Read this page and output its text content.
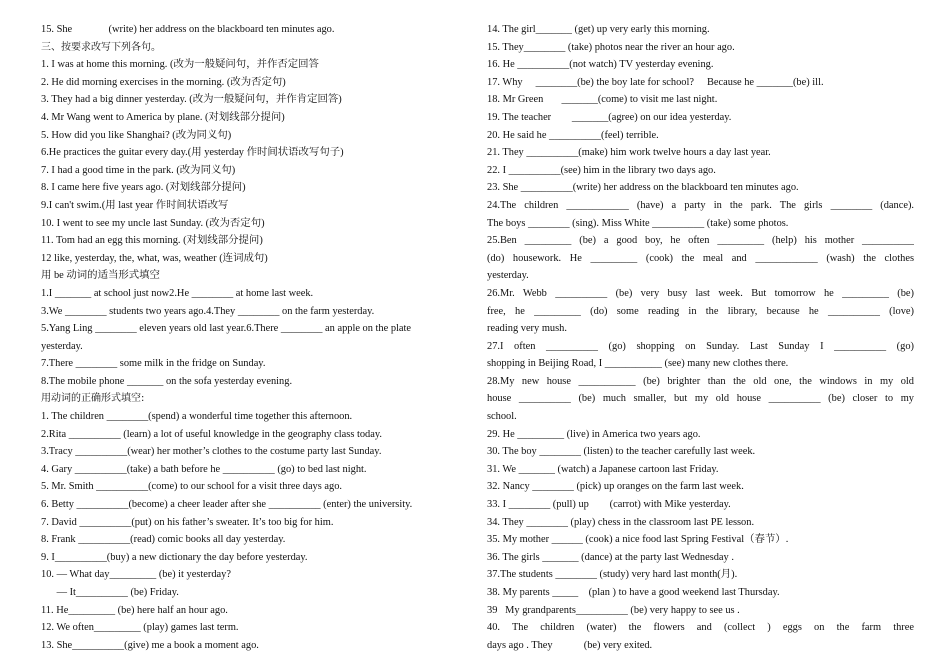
15. She              (write) her address on the blackboard ten minutes ago.
三、按要求改写下列各句。
1. I was at home this morning. (改为一般疑问句，并作否定回答
2. He did morning exercises in the morning. (改为否定句)
3. They had a big dinner yesterday. (改为一般疑问句，并作肯定回答)
4. Mr Wang went to America by plane. (对划线部分提问)
5. How did you like Shanghai? (改为同义句)
6.He practices the guitar every day.(用 yesterday 作时间状语改写句子)
7. I had a good time in the park. (改为同义句)
8. I came here five years ago. (对划线部分提问)
9.I can't swim.(用 last year 作时间状语改写
10. I went to see my uncle last Sunday. (改为否定句)
11. Tom had an egg this morning. (对划线部分提问)
12 like, yesterday, the, what, was, weather (连词成句)
用 be 动词的适当形式填空
1.I _______ at school just now2.He ________ at home last week.
3.We ________ students two years ago.4.They ________ on the farm yesterday.
5.Yang Ling ________ eleven years old last year.6.There ________ an apple on the plate
yesterday.
7.There ________ some milk in the fridge on Sunday.
8.The mobile phone _______ on the sofa yesterday evening.
用动词的正确形式填空:
1. The children ________(spend) a wonderful time together this afternoon.
2.Rita __________ (learn) a lot of useful knowledge in the geography class today.
3.Tracy __________(wear) her mother’s clothes to the costume party last Sunday.
4. Gary __________(take) a bath before he __________ (go) to bed last night.
5. Mr. Smith __________(come) to our school for a visit three days ago.
6. Betty __________(become) a cheer leader after she __________ (enter) the university.
7. David __________(put) on his father’s sweater. It’s too big for him.
8. Frank __________(read) comic books all day yesterday.
9. I__________(buy) a new dictionary the day before yesterday.
10. — What day_________ (be) it yesterday?
— It__________ (be) Friday.
11. He_________ (be) here half an hour ago.
12. We often_________ (play) games last term.
13. She__________(give) me a book a moment ago.
14. The girl_______ (get) up very early this morning.
15. They________ (take) photos near the river an hour ago.
16. He __________(not watch) TV yesterday evening.
17. Why     ________(be) the boy late for school?     Because he _______(be) ill.
18. Mr Green       _______(come) to visit me last night.
19. The teacher        _______(agree) on our idea yesterday.
20. He said he __________(feel) terrible.
21. They __________(make) him work twelve hours a day last year.
22. I __________(see) him in the library two days ago.
23. She __________(write) her address on the blackboard ten minutes ago.
24.The children ____________ (have) a party in the park. The girls ________ (dance).
The boys ________ (sing). Miss White __________ (take) some photos.
25.Ben _________ (be) a good boy, he often _________ (help) his mother __________
(do) housework. He _________ (cook) the meal and ____________ (wash) the clothes
yesterday.
26.Mr. Webb __________ (be) very busy last week. But tomorrow he _________ (be)
free, he _________ (do) some reading in the library, because he __________ (love)
reading very mush.
27.I often __________ (go) shopping on Sunday. Last Sunday I __________ (go)
shopping in Beijing Road, I ___________ (see) many new clothes there.
28.My new house ___________ (be) brighter than the old one, the windows in my old
house __________ (be) much smaller, but my old house __________ (be) closer to my
school.
29. He _________ (live) in America two years ago.
30. The boy ________ (listen) to the teacher carefully last week.
31. We _______ (watch) a Japanese cartoon last Friday.
32. Nancy ________ (pick) up oranges on the farm last week.
33. I ________ (pull) up        (carrot) with Mike yesterday.
34. They ________ (play) chess in the classroom last PE lesson.
35. My mother ______ (cook) a nice food last Spring Festival（春节）.
36. The girls _______ (dance) at the party last Wednesday .
37.The students ________ (study) very hard last month(月).
38. My parents _____    (plan ) to have a good weekend last Thursday.
39   My grandparents__________ (be) very happy to see us .
40. The children (water) the flowers and (collect ) eggs on the farm three
days ago . They            (be) very exited.
